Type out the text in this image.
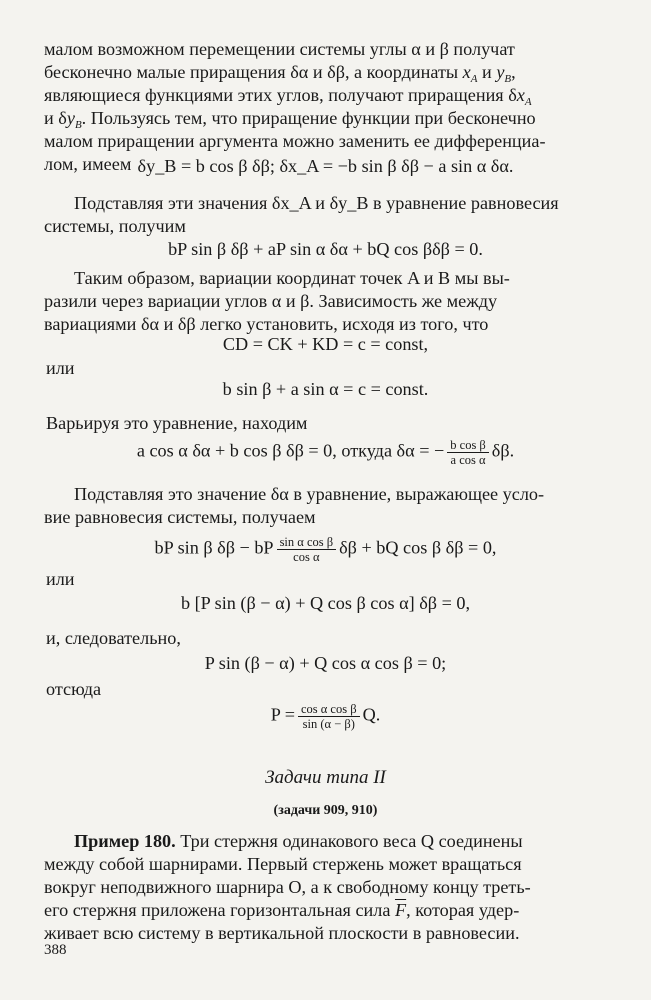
малом возможном перемещении системы углы α и β получат
бесконечно малые приращения δα и δβ, а координаты $x_A$ и $y_B$,
являющиеся функциями этих углов, получают приращения $\delta x_A$
и $\delta y_B$. Пользуясь тем, что приращение функции при бесконечно
малом приращении аргумента можно заменить ее дифференциа-
лом, имеем δy_B = b cos β δβ; δx_A = −b sin β δβ − a sin α δα.
Подставляя эти значения δx_A и δy_B в уравнение равновесия
системы, получим
bP sin β δβ + aP sin α δα + bQ cos βδβ = 0.
Таким образом, вариации координат точек A и B мы вы-
разили через вариации углов α и β. Зависимость же между
вариациями δα и δβ легко установить, исходя из того, что
CD = CK + KD = c = const,
или
b sin β + a sin α = c = const.
Варьируя это уравнение, находим
a cos α δα + b cos β δβ = 0, откуда δα = − $\frac{\text{b cos β}}{\text{a cos α}} \delta\beta$.
Подставляя это значение δα в уравнение, выражающее усло-
вие равновесия системы, получаем
bP sin β δβ − bP $\frac{\text{sin α cos β}}{\text{cos α}}$ δβ + bQ cos β δβ = 0,
или
b [P sin (β − α) + Q cos β cos α] δβ = 0,
и, следовательно,
P sin (β − α) + Q cos α cos β = 0;
отсюда
$P = \frac{\text{cos α cos β}}{\sin (\alpha - \beta)} Q$.
Задачи типа II
(задачи 909, 910)
Пример 180. Три стержня одинакового веса Q соединены
между собой шарнирами. Первый стержень может вращаться
вокруг неподвижного шарнира O, а к свободному концу треть-
его стержня приложена горизонтальная сила $\overline{F}$, которая удер-
живает всю систему в вертикальной плоскости в равновесии.
388
